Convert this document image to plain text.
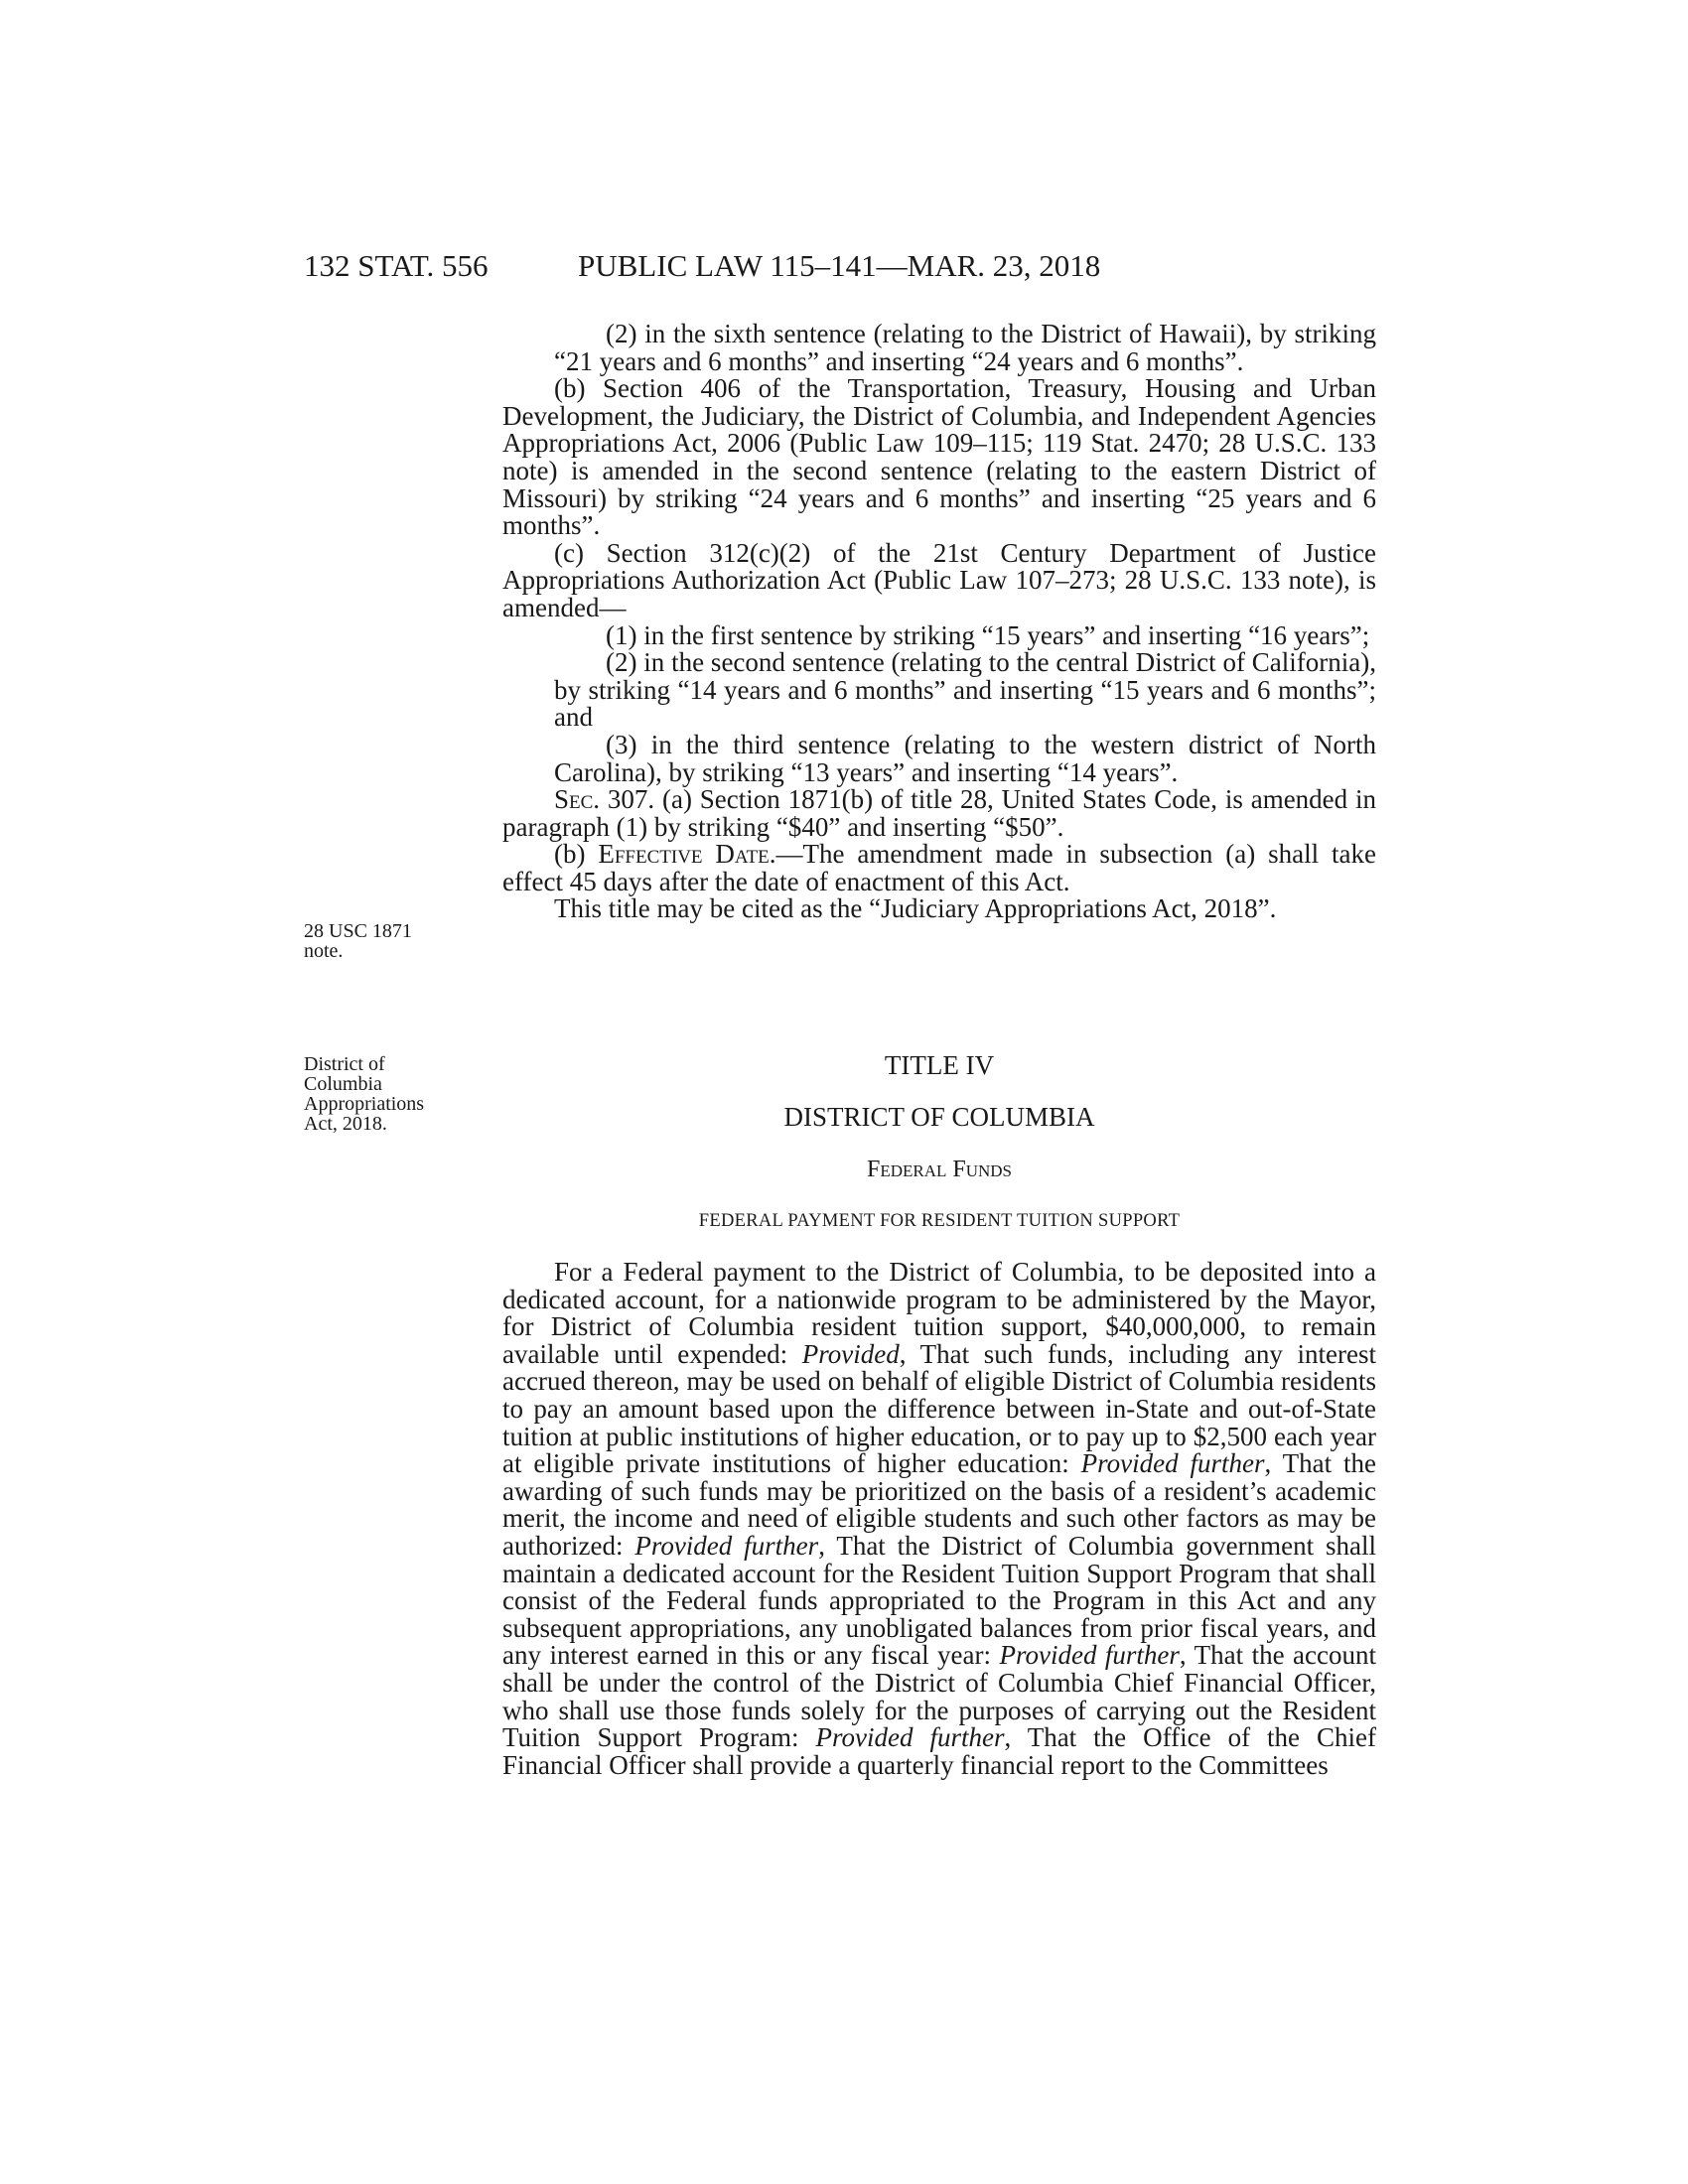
132 STAT. 556	PUBLIC LAW 115–141—MAR. 23, 2018
28 USC 1871
note.
District of
Columbia
Appropriations
Act, 2018.

(2) in the sixth sentence (relating to the District of Hawaii), by striking “21 years and 6 months” and inserting “24 years and 6 months”.

(b) Section 406 of the Transportation, Treasury, Housing and Urban Development, the Judiciary, the District of Columbia, and Independent Agencies Appropriations Act, 2006 (Public Law 109–115; 119 Stat. 2470; 28 U.S.C. 133 note) is amended in the second sentence (relating to the eastern District of Missouri) by striking “24 years and 6 months” and inserting “25 years and 6 months”.

(c) Section 312(c)(2) of the 21st Century Department of Justice Appropriations Authorization Act (Public Law 107–273; 28 U.S.C. 133 note), is amended—

(1) in the first sentence by striking “15 years” and inserting “16 years”;

(2) in the second sentence (relating to the central District of California), by striking “14 years and 6 months” and inserting “15 years and 6 months”; and

(3) in the third sentence (relating to the western district of North Carolina), by striking “13 years” and inserting “14 years”.

Sec. 307. (a) Section 1871(b) of title 28, United States Code, is amended in paragraph (1) by striking “$40” and inserting “$50”.

(b) Effective Date.—The amendment made in subsection (a) shall take effect 45 days after the date of enactment of this Act.

This title may be cited as the “Judiciary Appropriations Act, 2018”.

TITLE IV

DISTRICT OF COLUMBIA

Federal Funds

FEDERAL PAYMENT FOR RESIDENT TUITION SUPPORT

For a Federal payment to the District of Columbia, to be deposited into a dedicated account, for a nationwide program to be administered by the Mayor, for District of Columbia resident tuition support, $40,000,000, to remain available until expended: Provided, That such funds, including any interest accrued thereon, may be used on behalf of eligible District of Columbia residents to pay an amount based upon the difference between in-State and out-of-State tuition at public institutions of higher education, or to pay up to $2,500 each year at eligible private institutions of higher education: Provided further, That the awarding of such funds may be prioritized on the basis of a resident’s academic merit, the income and need of eligible students and such other factors as may be authorized: Provided further, That the District of Columbia government shall maintain a dedicated account for the Resident Tuition Support Program that shall consist of the Federal funds appropriated to the Program in this Act and any subsequent appropriations, any unobligated balances from prior fiscal years, and any interest earned in this or any fiscal year: Provided further, That the account shall be under the control of the District of Columbia Chief Financial Officer, who shall use those funds solely for the purposes of carrying out the Resident Tuition Support Program: Provided further, That the Office of the Chief Financial Officer shall provide a quarterly financial report to the Committees
